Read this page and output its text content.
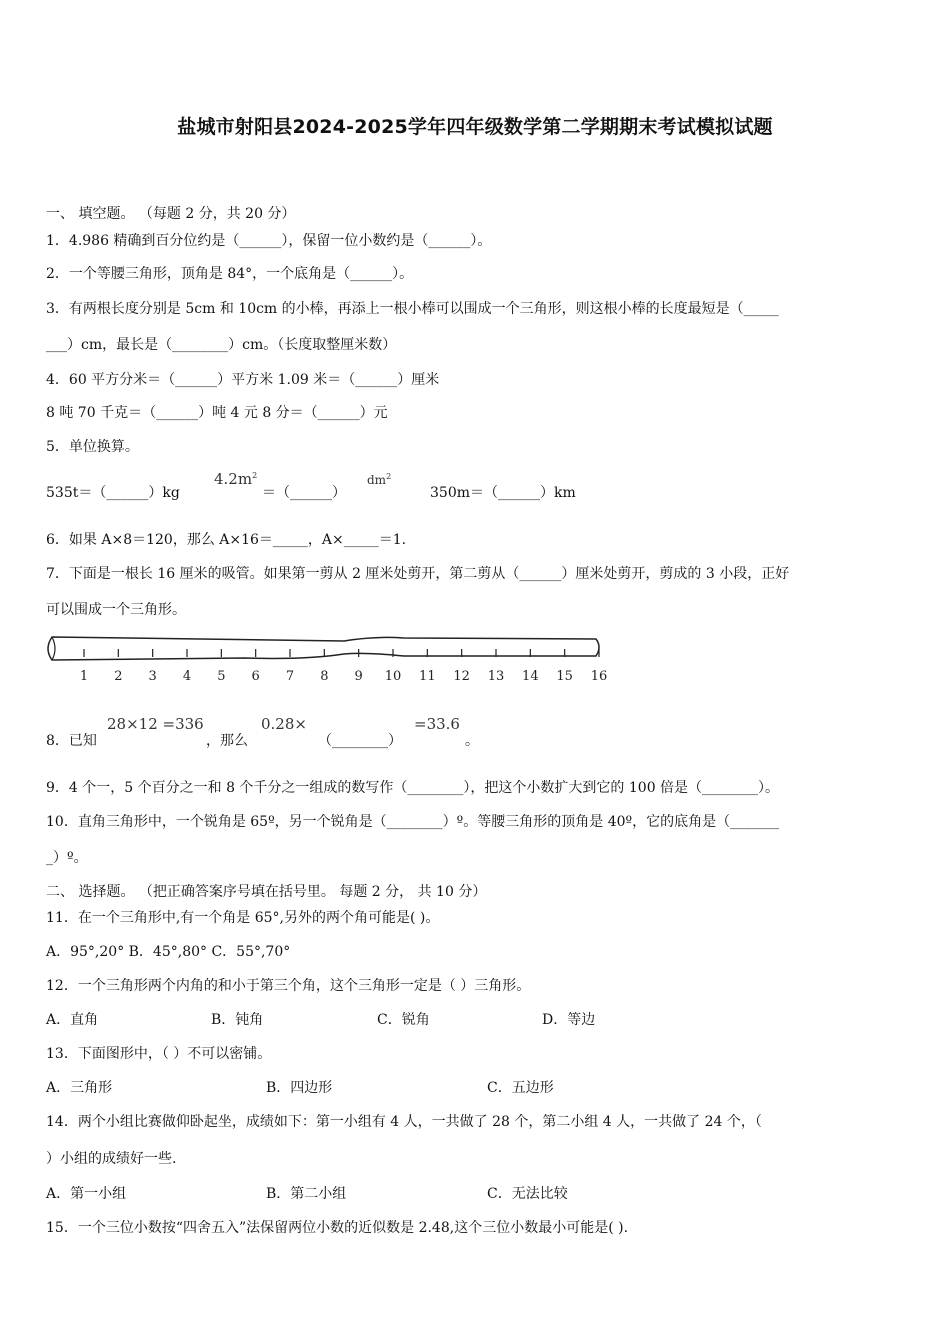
盐城市射阳县2024-2025学年四年级数学第二学期期末考试模拟试题
一、 填空题。 （每题 2 分，共 20 分）
1．4.986 精确到百分位约是（______），保留一位小数约是（______）。
2．一个等腰三角形，顶角是 84°，一个底角是（______）。
3．有两根长度分别是 5cm 和 10cm 的小棒，再添上一根小棒可以围成一个三角形，则这根小棒的长度最短是（_____
___）cm，最长是（________）cm。（长度取整厘米数）
4．60 平方分米＝（______）平方米 1.09 米＝（______）厘米
8 吨 70 千克＝（______）吨 4 元 8 分＝（______）元
5．单位换算。
535t＝（______）kg
$4.2m^2$
＝（______）
$dm^2$
350m＝（______）km
6．如果 A×8＝120，那么 A×16＝_____，A×_____＝1.
7．下面是一根长 16 厘米的吸管。如果第一剪从 2 厘米处剪开，第二剪从（______）厘米处剪开，剪成的 3 小段，正好
可以围成一个三角形。
1 2 3 4 5 6 7 8 9 10 11 12 13 14 15 16
8．已知
28×12 =336
，那么
0.28×
（________）
=33.6
。
9．4 个一，5 个百分之一和 8 个千分之一组成的数写作（________），把这个小数扩大到它的 100 倍是（________）。
10．直角三角形中，一个锐角是 65º，另一个锐角是（________）º。等腰三角形的顶角是 40º，它的底角是（_______
_）º。
二、 选择题。 （把正确答案序号填在括号里。 每题 2 分， 共 10 分）
11．在一个三角形中,有一个角是 65°,另外的两个角可能是( )。
A．95°,20° B．45°,80° C．55°,70°
12．一个三角形两个内角的和小于第三个角，这个三角形一定是（ ）三角形。
A．直角	B．钝角	C．锐角	D．等边
13．下面图形中，（ ）不可以密铺。
A．三角形	B．四边形	C．五边形
14．两个小组比赛做仰卧起坐，成绩如下：第一小组有 4 人，一共做了 28 个，第二小组 4 人，一共做了 24 个，（
）小组的成绩好一些.
A．第一小组	B．第二小组	C．无法比较
15．一个三位小数按“四舍五入”法保留两位小数的近似数是 2.48,这个三位小数最小可能是( ).
